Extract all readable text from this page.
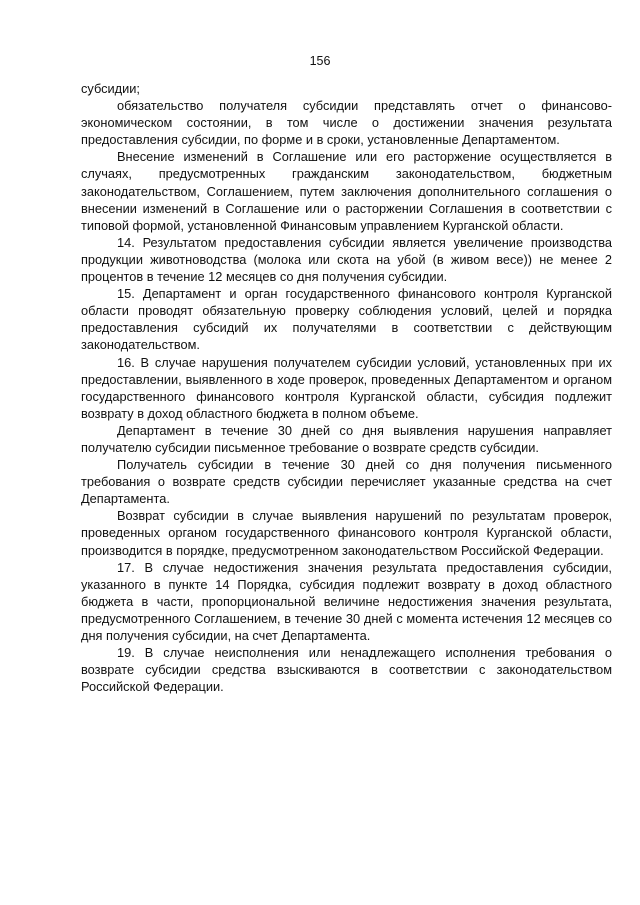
156

субсидии;

обязательство получателя субсидии представлять отчет о финансово-экономическом состоянии, в том числе о достижении значения результата предоставления субсидии, по форме и в сроки, установленные Департаментом.

Внесение изменений в Соглашение или его расторжение осуществляется в случаях, предусмотренных гражданским законодательством, бюджетным законодательством, Соглашением, путем заключения дополнительного соглашения о внесении изменений в Соглашение или о расторжении Соглашения в соответствии с типовой формой, установленной Финансовым управлением Курганской области.

14. Результатом предоставления субсидии является увеличение производства продукции животноводства (молока или скота на убой (в живом весе)) не менее 2 процентов в течение 12 месяцев со дня получения субсидии.

15. Департамент и орган государственного финансового контроля Курганской области проводят обязательную проверку соблюдения условий, целей и порядка предоставления субсидий их получателями в соответствии с действующим законодательством.

16. В случае нарушения получателем субсидии условий, установленных при их предоставлении, выявленного в ходе проверок, проведенных Департаментом и органом государственного финансового контроля Курганской области, субсидия подлежит возврату в доход областного бюджета в полном объеме.

Департамент в течение 30 дней со дня выявления нарушения направляет получателю субсидии письменное требование о возврате средств субсидии.

Получатель субсидии в течение 30 дней со дня получения письменного требования о возврате средств субсидии перечисляет указанные средства на счет Департамента.

Возврат субсидии в случае выявления нарушений по результатам проверок, проведенных органом государственного финансового контроля Курганской области, производится в порядке, предусмотренном законодательством Российской Федерации.

17. В случае недостижения значения результата предоставления субсидии, указанного в пункте 14 Порядка, субсидия подлежит возврату в доход областного бюджета в части, пропорциональной величине недостижения значения результата, предусмотренного Соглашением, в течение 30 дней с момента истечения 12 месяцев со дня получения субсидии, на счет Департамента.

19. В случае неисполнения или ненадлежащего исполнения требования о возврате субсидии средства взыскиваются в соответствии с законодательством Российской Федерации.
